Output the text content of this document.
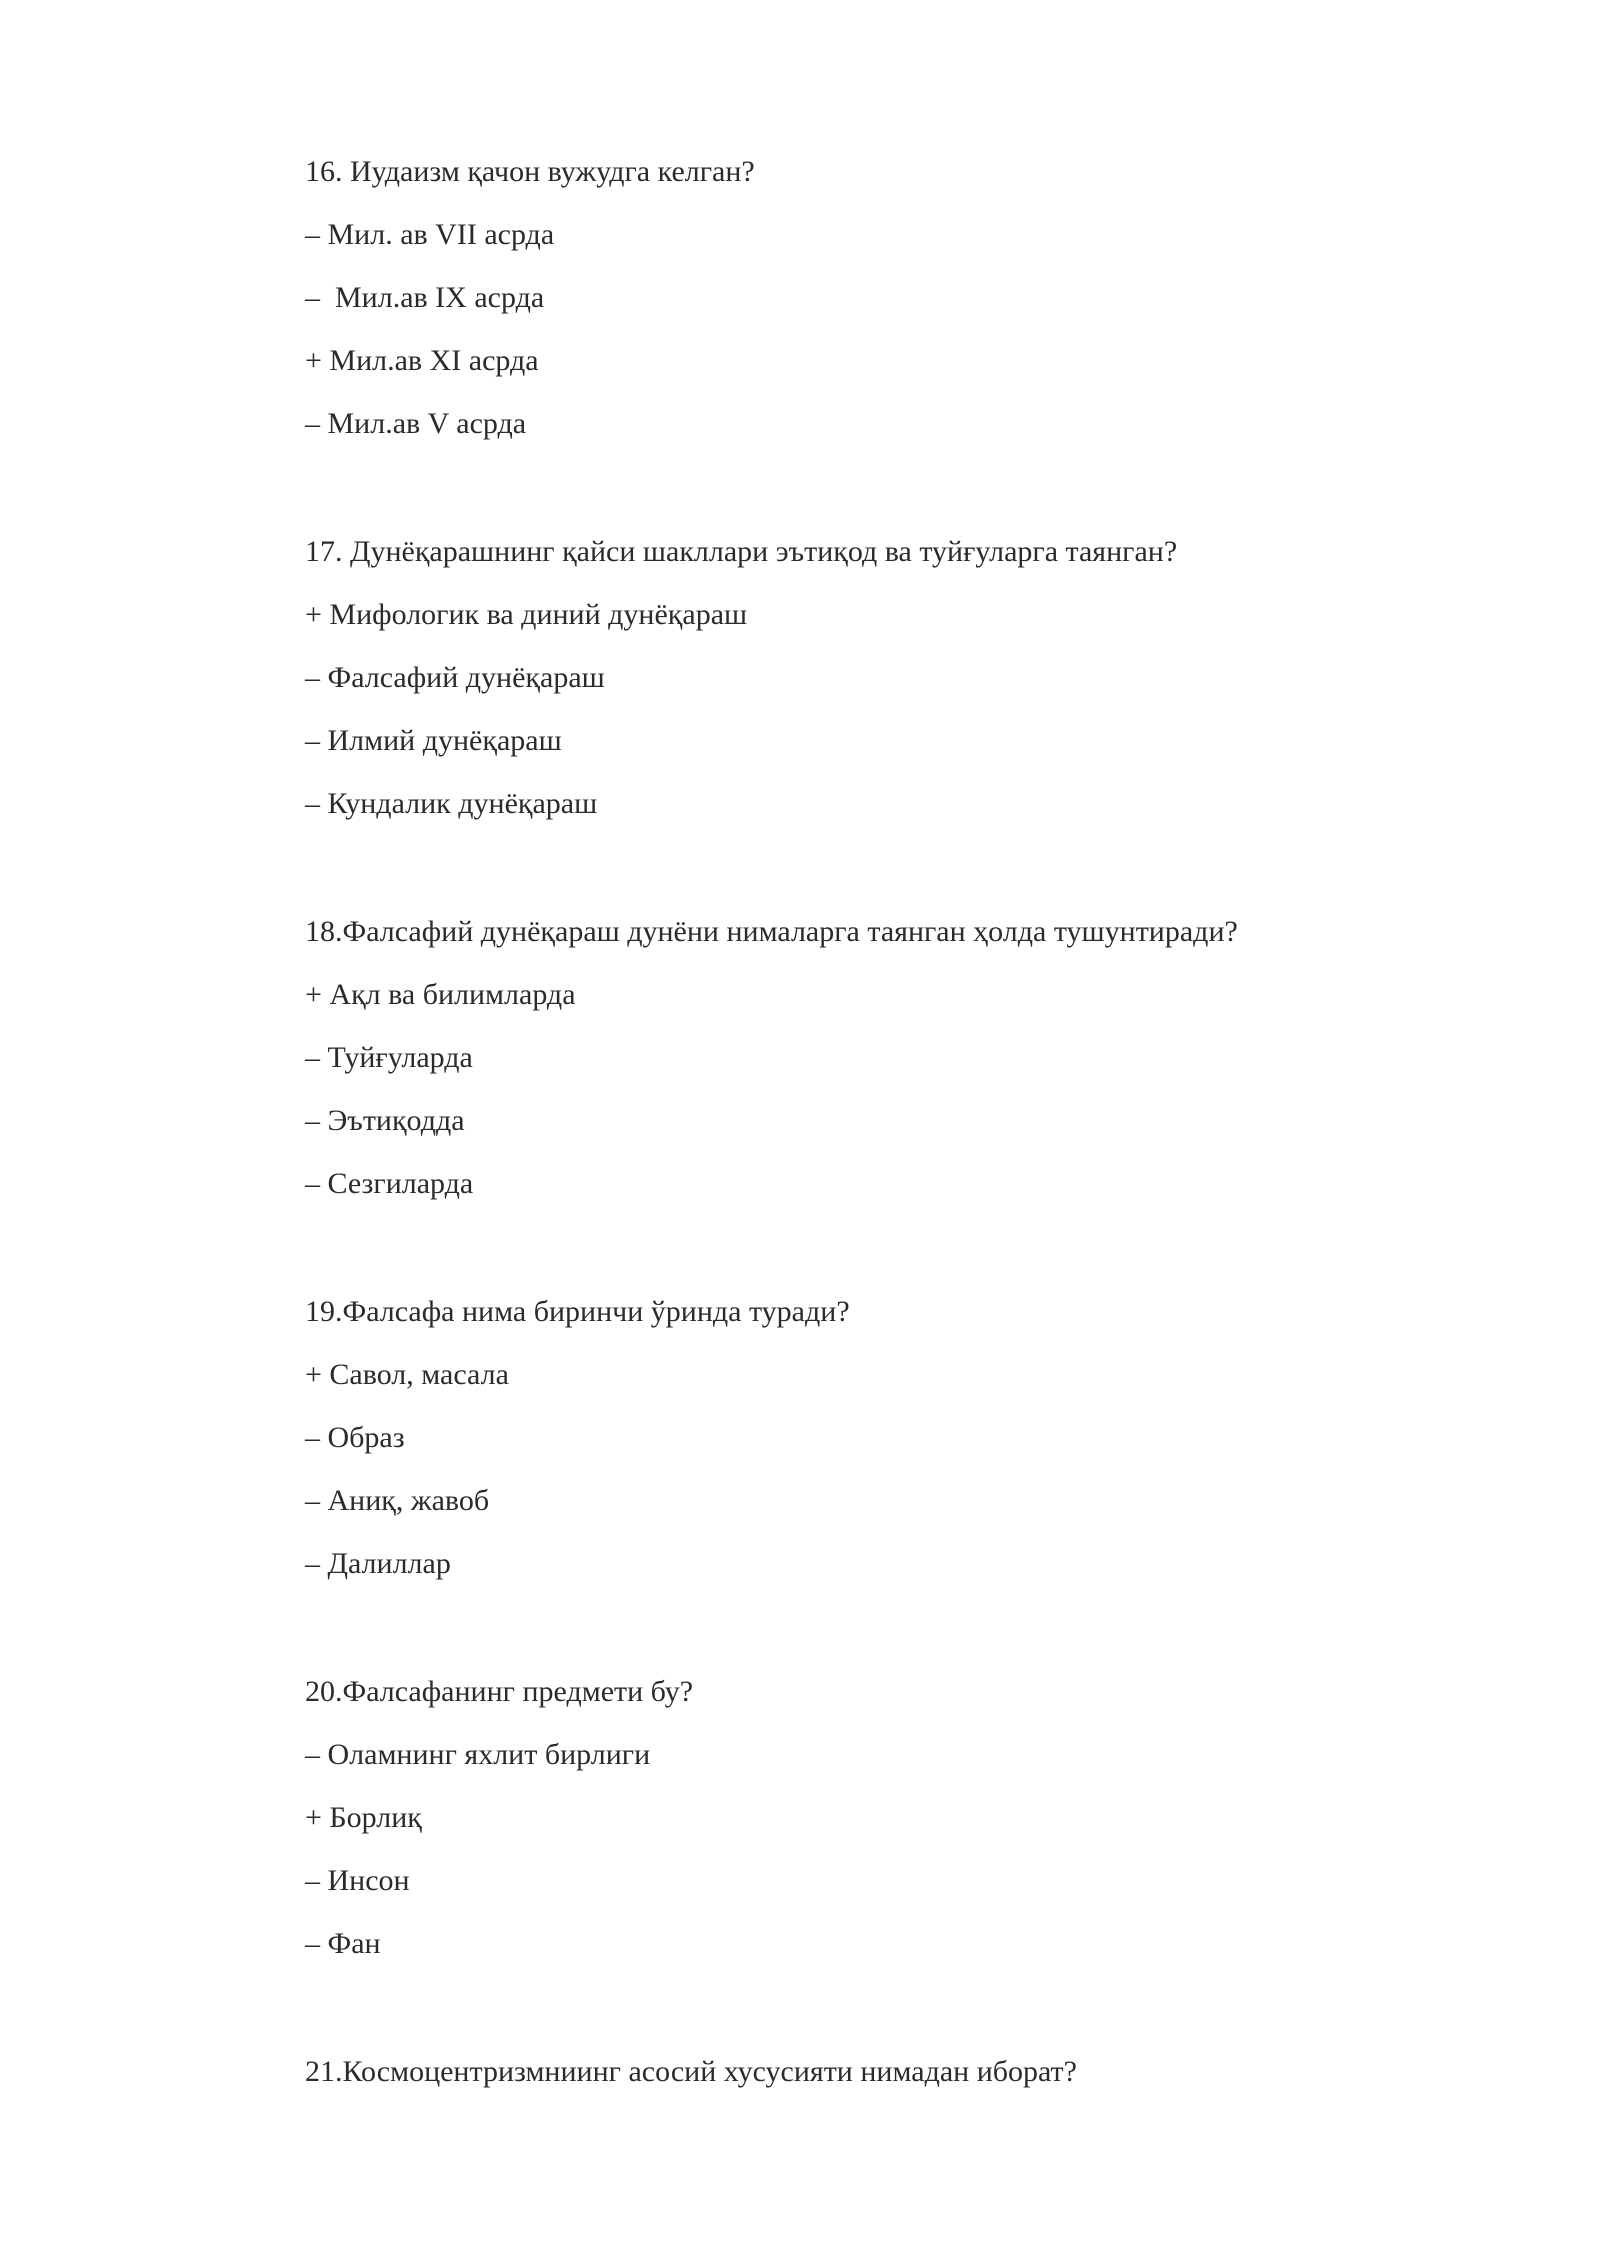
16. Иудаизм қачон вужудга келган?
– Мил. ав VII асрда
–  Мил.ав IX асрда
+ Мил.ав XI асрда
– Мил.ав V асрда
17. Дунёқарашнинг қайси шакллари эътиқод ва туйғуларга таянган?
+ Мифологик ва диний дунёқараш
– Фалсафий дунёқараш
– Илмий дунёқараш
– Кундалик дунёқараш
18.Фалсафий дунёқараш дунёни нималарга таянган ҳолда тушунтиради?
+ Ақл ва билимларда
– Туйғуларда
– Эътиқодда
– Сезгиларда
19.Фалсафа нима биринчи ўринда туради?
+ Савол, масала
– Образ
– Аниқ, жавоб
– Далиллар
20.Фалсафанинг предмети бу?
– Оламнинг яхлит бирлиги
+ Борлиқ
– Инсон
– Фан
21.Космоцентризмниинг асосий хусусияти нимадан иборат?
